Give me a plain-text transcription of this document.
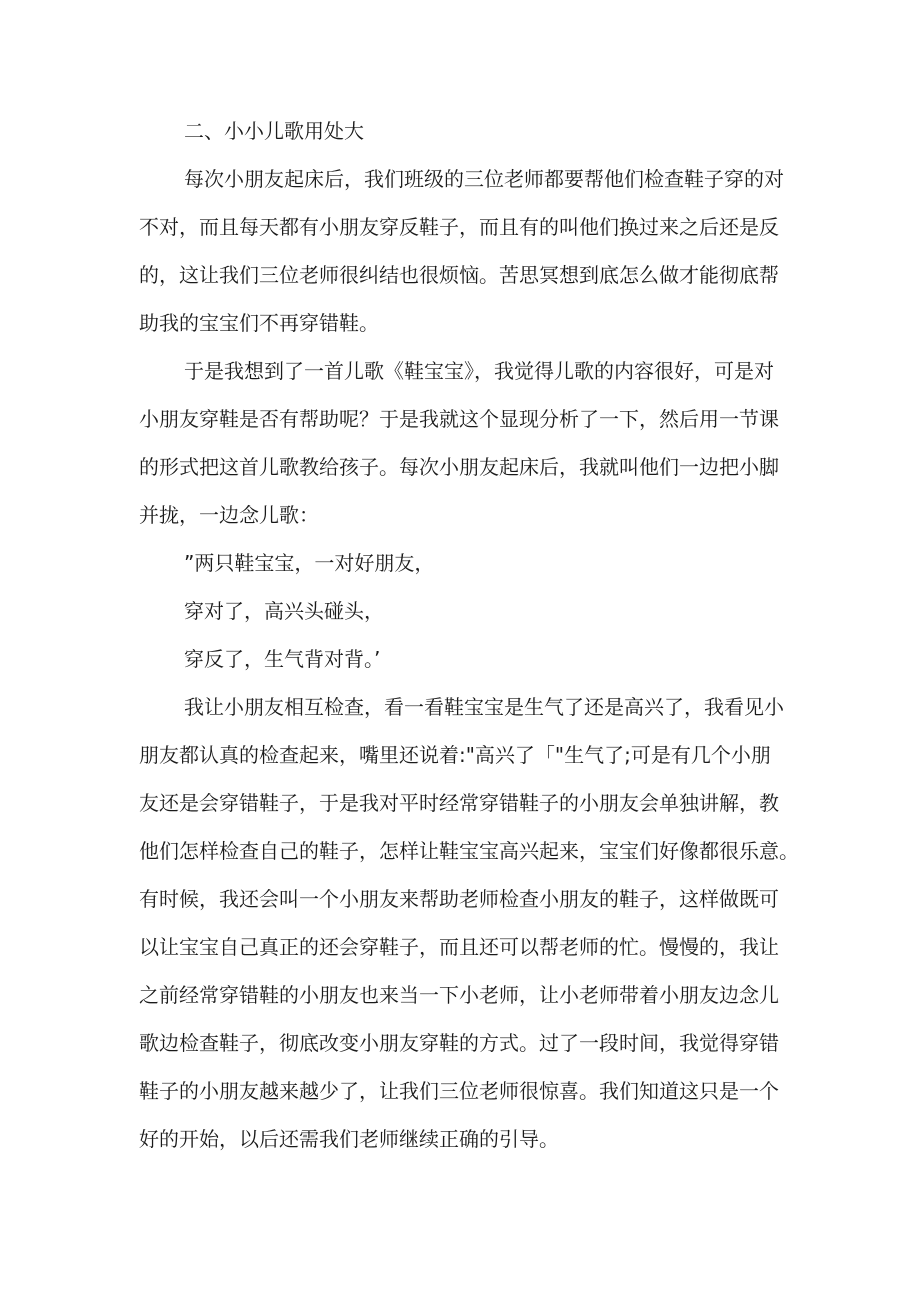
二、小小儿歌用处大
每次小朋友起床后，我们班级的三位老师都要帮他们检查鞋子穿的对
不对，而且每天都有小朋友穿反鞋子，而且有的叫他们换过来之后还是反
的，这让我们三位老师很纠结也很烦恼。苦思冥想到底怎么做才能彻底帮
助我的宝宝们不再穿错鞋。
于是我想到了一首儿歌《鞋宝宝》，我觉得儿歌的内容很好，可是对
小朋友穿鞋是否有帮助呢？于是我就这个显现分析了一下，然后用一节课
的形式把这首儿歌教给孩子。每次小朋友起床后，我就叫他们一边把小脚
并拢，一边念儿歌：
”两只鞋宝宝，一对好朋友，
穿对了，高兴头碰头，
穿反了，生气背对背。’
我让小朋友相互检查，看一看鞋宝宝是生气了还是高兴了，我看见小
朋友都认真的检查起来，嘴里还说着:"高兴了「"生气了;可是有几个小朋
友还是会穿错鞋子，于是我对平时经常穿错鞋子的小朋友会单独讲解，教
他们怎样检查自己的鞋子，怎样让鞋宝宝高兴起来，宝宝们好像都很乐意。
有时候，我还会叫一个小朋友来帮助老师检查小朋友的鞋子，这样做既可
以让宝宝自己真正的还会穿鞋子，而且还可以帮老师的忙。慢慢的，我让
之前经常穿错鞋的小朋友也来当一下小老师，让小老师带着小朋友边念儿
歌边检查鞋子，彻底改变小朋友穿鞋的方式。过了一段时间，我觉得穿错
鞋子的小朋友越来越少了，让我们三位老师很惊喜。我们知道这只是一个
好的开始，以后还需我们老师继续正确的引导。
